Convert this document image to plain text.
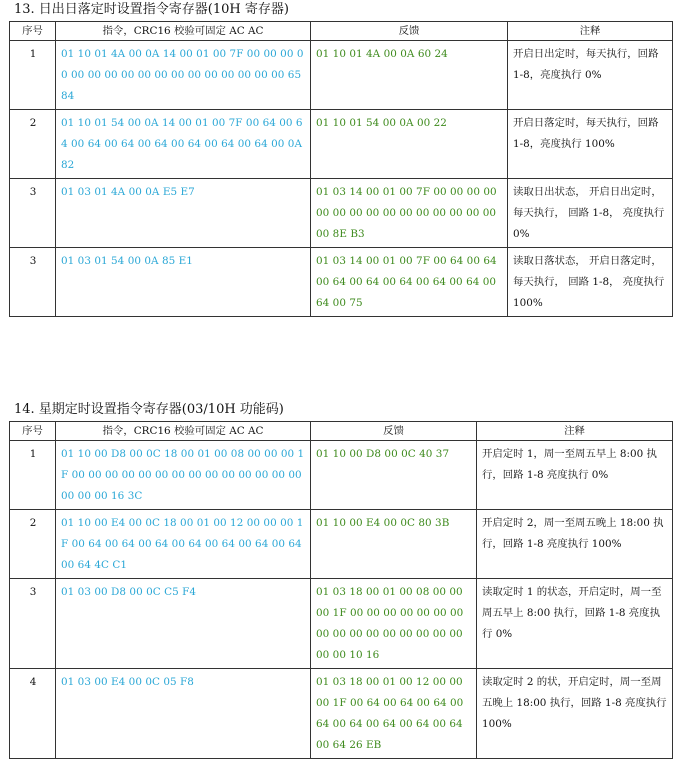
13. 日出日落定时设置指令寄存器(10H 寄存器)
序号	指令，CRC16 校验可固定 AC AC	反馈	注释
1	01 10 01 4A 00 0A 14 00 01 00 7F 00 00 00 00 00 00 00 00 00 00 00 00 00 00 00 00 00 65 84	01 10 01 4A 00 0A 60 24	开启日出定时，每天执行，回路 1-8，亮度执行 0%
2	01 10 01 54 00 0A 14 00 01 00 7F 00 64 00 64 00 64 00 64 00 64 00 64 00 64 00 64 00 0A 82	01 10 01 54 00 0A 00 22	开启日落定时，每天执行，回路 1-8，亮度执行 100%
3	01 03 01 4A 00 0A E5 E7	01 03 14 00 01 00 7F 00 00 00 00 00 00 00 00 00 00 00 00 00 00 00 00 8E B3	读取日出状态， 开启日出定时，每天执行， 回路 1-8， 亮度执行 0%
3	01 03 01 54 00 0A 85 E1	01 03 14 00 01 00 7F 00 64 00 64 00 64 00 64 00 64 00 64 00 64 00 64 00 75	读取日落状态， 开启日落定时，每天执行， 回路 1-8， 亮度执行 100%
14. 星期定时设置指令寄存器(03/10H 功能码)
序号	指令，CRC16 校验可固定 AC AC	反馈	注释
1	01 10 00 D8 00 0C 18 00 01 00 08 00 00 00 1F 00 00 00 00 00 00 00 00 00 00 00 00 00 00 00 00 00 16 3C	01 10 00 D8 00 0C 40 37	开启定时 1，周一至周五早上 8:00 执行，回路 1-8 亮度执行 0%
2	01 10 00 E4 00 0C 18 00 01 00 12 00 00 00 1F 00 64 00 64 00 64 00 64 00 64 00 64 00 64 00 64 4C C1	01 10 00 E4 00 0C 80 3B	开启定时 2，周一至周五晚上 18:00 执行，回路 1-8 亮度执行 100%
3	01 03 00 D8 00 0C C5 F4	01 03 18 00 01 00 08 00 00 00 1F 00 00 00 00 00 00 00 00 00 00 00 00 00 00 00 00 00 00 10 16	读取定时 1 的状态，开启定时，周一至周五早上 8:00 执行，回路 1-8 亮度执行 0%
4	01 03 00 E4 00 0C 05 F8	01 03 18 00 01 00 12 00 00 00 1F 00 64 00 64 00 64 00 64 00 64 00 64 00 64 00 64 00 64 26 EB	读取定时 2 的状，开启定时，周一至周五晚上 18:00 执行，回路 1-8 亮度执行 100%
